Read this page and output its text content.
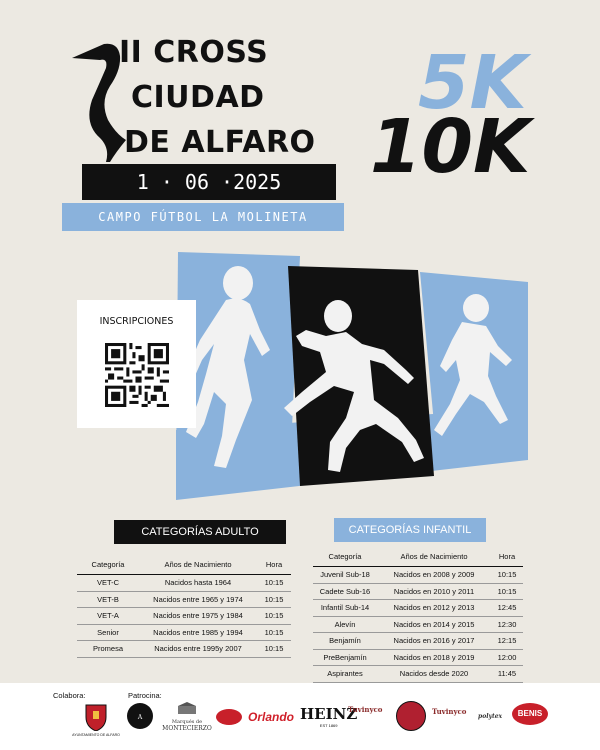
II CROSS
CIUDAD
DE ALFARO
5K
10K
1 · 06 ·2025
CAMPO FÚTBOL LA MOLINETA
INSCRIPCIONES
CATEGORÍAS ADULTO
Categoría	Años de Nacimiento	Hora
VET-C	Nacidos hasta 1964	10:15
VET-B	Nacidos entre 1965 y 1974	10:15
VET-A	Nacidos entre 1975 y 1984	10:15
Senior	Nacidos entre 1985 y 1994	10:15
Promesa	Nacidos entre 1995y 2007	10:15
CATEGORÍAS INFANTIL
Categoría	Años de Nacimiento	Hora
Juvenil Sub-18	Nacidos en 2008 y 2009	10:15
Cadete Sub-16	Nacidos en 2010 y 2011	10:15
Infantil Sub-14	Nacidos en 2012 y 2013	12:45
Alevín	Nacidos en 2014 y 2015	12:30
Benjamín	Nacidos en 2016 y 2017	12:15
PreBenjamín	Nacidos en 2018 y 2019	12:00
Aspirantes	Nacidos desde 2020	11:45
Colabora:	Patrocina:
AYUNTAMIENTO DE ALFARO
A
Marqués de
MONTECIERZO
Orlando HEINZ
EST 1869
Tuvinyco	Tuvinyco
polytex	BENIS
